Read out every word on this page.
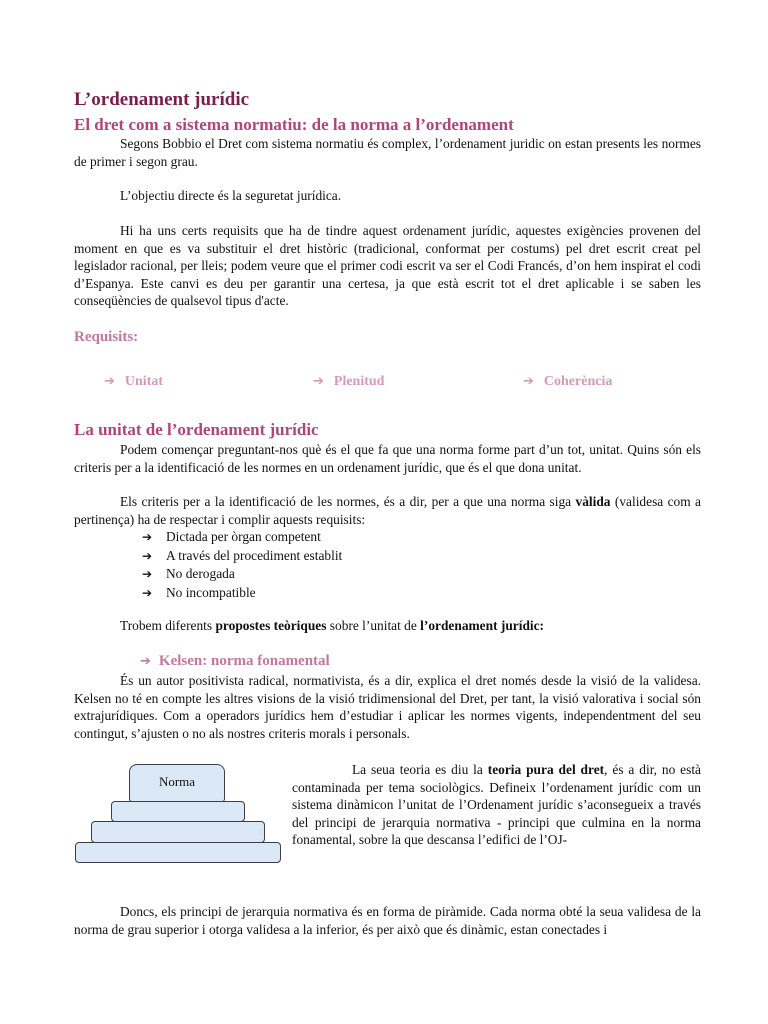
L’ordenament jurídic
El dret com a sistema normatiu: de la norma a l’ordenament

Segons Bobbio el Dret com sistema normatiu és complex, l’ordenament juridic on estan presents les normes de primer i segon grau.

L’objectiu directe és la seguretat jurídica.

Hi ha uns certs requisits que ha de tindre aquest ordenament jurídic, aquestes exigències provenen del moment en que es va substituir el dret històric (tradicional, conformat per costums) pel dret escrit creat pel legislador racional, per lleis; podem veure que el primer codi escrit va ser el Codi Francés, d’on hem inspirat el codi d’Espanya. Este canvi es deu per garantir una certesa, ja que està escrit tot el dret aplicable i se saben les conseqüències de qualsevol tipus d'acte.

Requisits:
➔ Unitat	➔ Plenitud	➔ Coherència
La unitat de l’ordenament jurídic

Podem començar preguntant-nos què és el que fa que una norma forme part d’un tot, unitat. Quins són els criteris per a la identificació de les normes en un ordenament jurídic, que és el que dona unitat.

Els criteris per a la identificació de les normes, és a dir, per a que una norma siga vàlida (validesa com a pertinença) ha de respectar i complir aquests requisits:

➔ Dictada per òrgan competent
➔ A través del procediment establit
➔ No derogada
➔ No incompatible

Trobem diferents propostes teòriques sobre l’unitat de l’ordenament jurídic:

➔ Kelsen: norma fonamental

És un autor positivista radical, normativista, és a dir, explica el dret només desde la visió de la validesa. Kelsen no té en compte les altres visions de la visió tridimensional del Dret, per tant, la visió valorativa i social són extrajurídiques. Com a operadors jurídics hem d’estudiar i aplicar les normes vigents, independentment del seu contingut, s’ajusten o no als nostres criteris morals i personals.

Norma

La seua teoria es diu la teoria pura del dret, és a dir, no està contaminada per tema sociològics. Defineix l’ordenament jurídic com un sistema dinàmicon l’unitat de l’Ordenament jurídic s’aconsegueix a través del principi de jerarquia normativa - principi que culmina en la norma fonamental, sobre la que descansa l’edifici de l’OJ-

Doncs, els principi de jerarquia normativa és en forma de piràmide. Cada norma obté la seua validesa de la norma de grau superior i otorga validesa a la inferior, és per això que és dinàmic, estan conectades i
